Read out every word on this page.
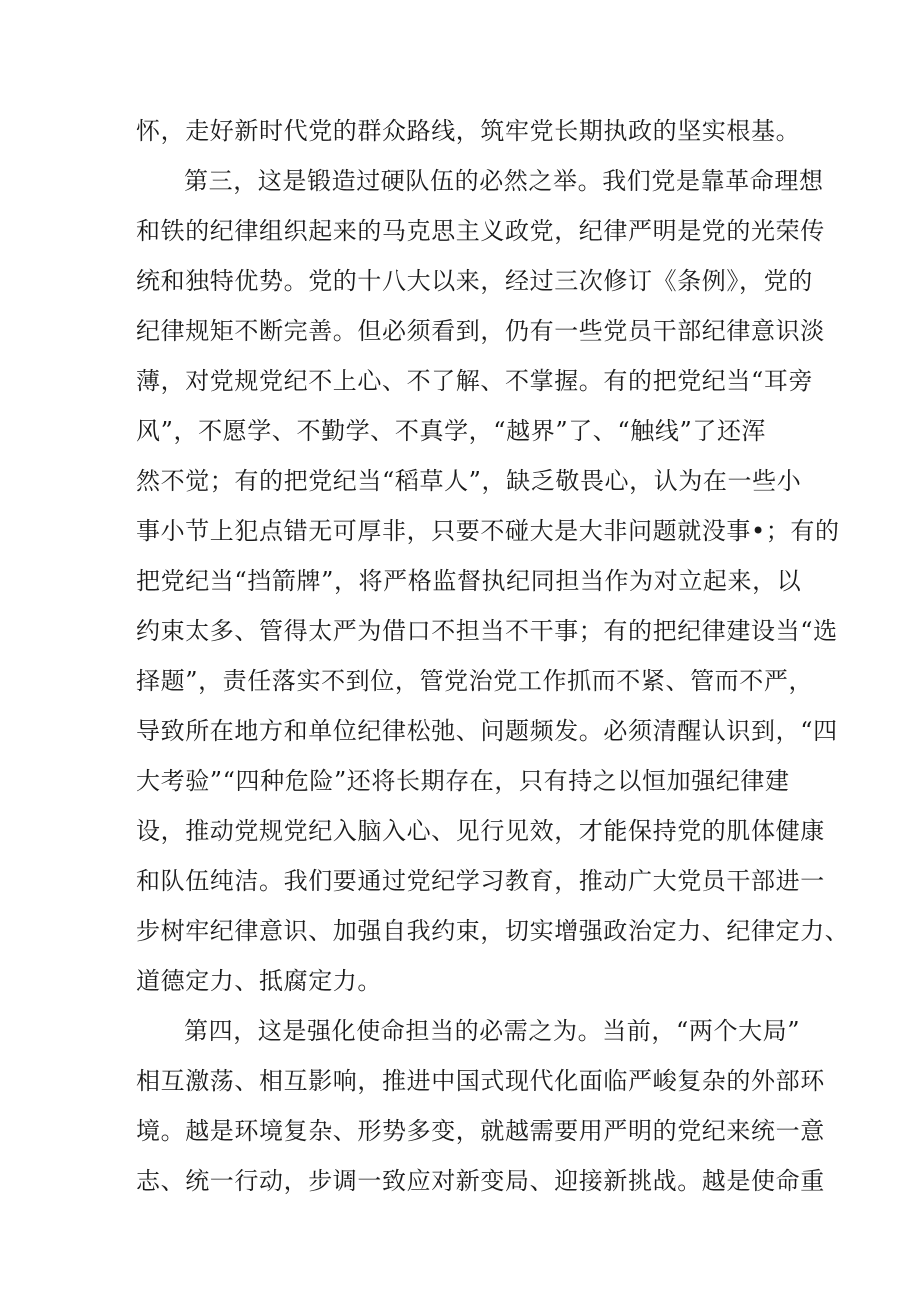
怀，走好新时代党的群众路线，筑牢党长期执政的坚实根基。
第三，这是锻造过硬队伍的必然之举。我们党是靠革命理想
和铁的纪律组织起来的马克思主义政党，纪律严明是党的光荣传
统和独特优势。党的十八大以来，经过三次修订《条例》，党的
纪律规矩不断完善。但必须看到，仍有一些党员干部纪律意识淡
薄，对党规党纪不上心、不了解、不掌握。有的把党纪当“耳旁
风”，不愿学、不勤学、不真学，“越界”了、“触线”了还浑
然不觉；有的把党纪当“稻草人”，缺乏敬畏心，认为在一些小
事小节上犯点错无可厚非，只要不碰大是大非问题就没事•；有的
把党纪当“挡箭牌”，将严格监督执纪同担当作为对立起来，以
约束太多、管得太严为借口不担当不干事；有的把纪律建设当“选
择题”，责任落实不到位，管党治党工作抓而不紧、管而不严，
导致所在地方和单位纪律松弛、问题频发。必须清醒认识到，“四
大考验”“四种危险”还将长期存在，只有持之以恒加强纪律建
设，推动党规党纪入脑入心、见行见效，才能保持党的肌体健康
和队伍纯洁。我们要通过党纪学习教育，推动广大党员干部进一
步树牢纪律意识、加强自我约束，切实增强政治定力、纪律定力、
道德定力、抵腐定力。
第四，这是强化使命担当的必需之为。当前，“两个大局”
相互激荡、相互影响，推进中国式现代化面临严峻复杂的外部环
境。越是环境复杂、形势多变，就越需要用严明的党纪来统一意
志、统一行动，步调一致应对新变局、迎接新挑战。越是使命重
